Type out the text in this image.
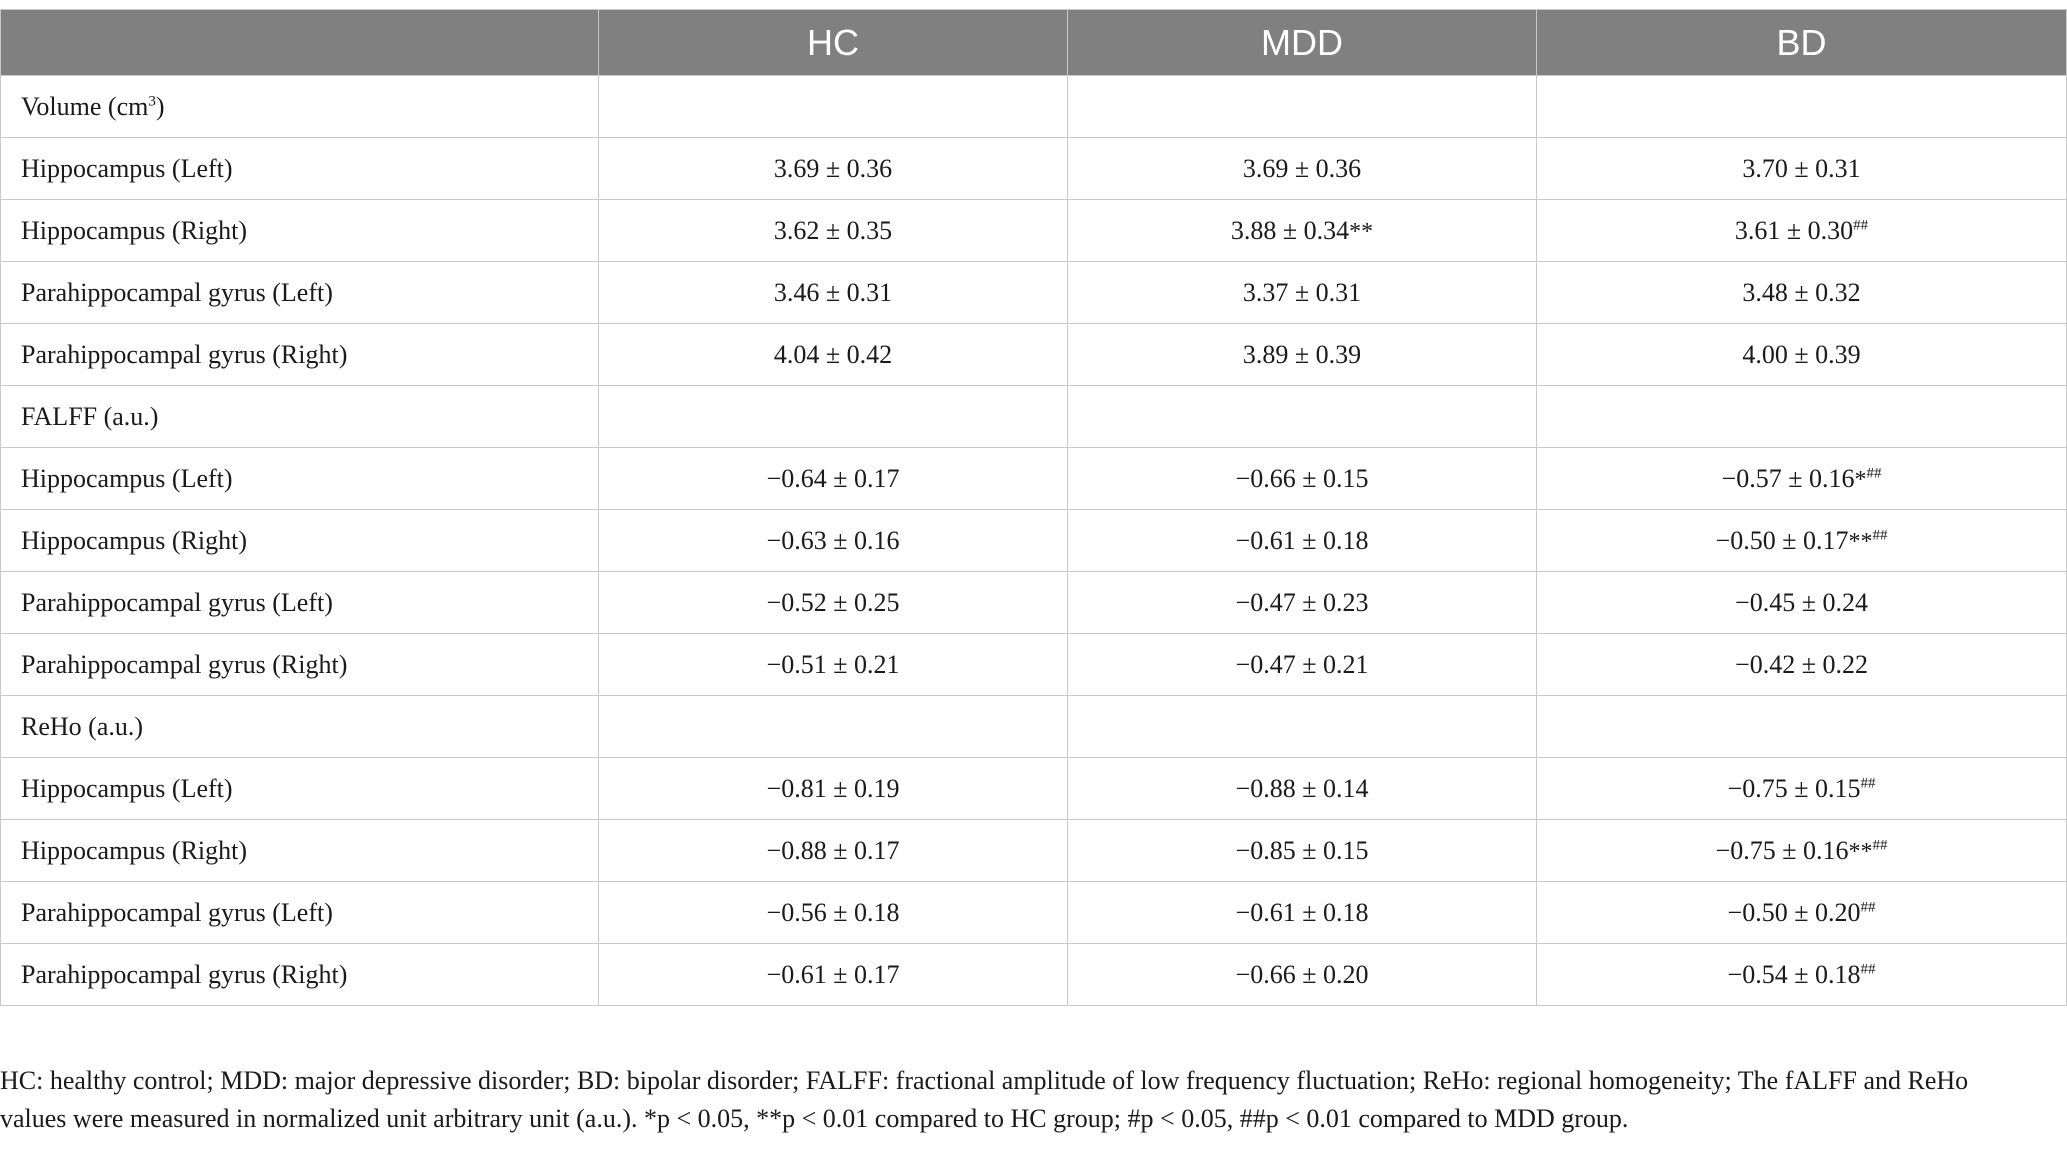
	HC	MDD	BD
Volume $(cm^3)$			
Hippocampus (Left)	3.69 ± 0.36	3.69 ± 0.36	3.70 ± 0.31
Hippocampus (Right)	3.62 ± 0.35	3.88 ± 0.34**	3.61 ± 0.30##
Parahippocampal gyrus (Left)	3.46 ± 0.31	3.37 ± 0.31	3.48 ± 0.32
Parahippocampal gyrus (Right)	4.04 ± 0.42	3.89 ± 0.39	4.00 ± 0.39
FALFF (a.u.)			
Hippocampus (Left)	−0.64 ± 0.17	−0.66 ± 0.15	−0.57 ± 0.16*##
Hippocampus (Right)	−0.63 ± 0.16	−0.61 ± 0.18	−0.50 ± 0.17**##
Parahippocampal gyrus (Left)	−0.52 ± 0.25	−0.47 ± 0.23	−0.45 ± 0.24
Parahippocampal gyrus (Right)	−0.51 ± 0.21	−0.47 ± 0.21	−0.42 ± 0.22
ReHo (a.u.)			
Hippocampus (Left)	−0.81 ± 0.19	−0.88 ± 0.14	−0.75 ± 0.15##
Hippocampus (Right)	−0.88 ± 0.17	−0.85 ± 0.15	−0.75 ± 0.16**##
Parahippocampal gyrus (Left)	−0.56 ± 0.18	−0.61 ± 0.18	−0.50 ± 0.20##
Parahippocampal gyrus (Right)	−0.61 ± 0.17	−0.66 ± 0.20	−0.54 ± 0.18##
HC: healthy control; MDD: major depressive disorder; BD: bipolar disorder; FALFF: fractional amplitude of low frequency fluctuation; ReHo: regional homogeneity; The fALFF and ReHo
values were measured in normalized unit arbitrary unit (a.u.). *p < 0.05, **p < 0.01 compared to HC group; #p < 0.05, ##p < 0.01 compared to MDD group.
